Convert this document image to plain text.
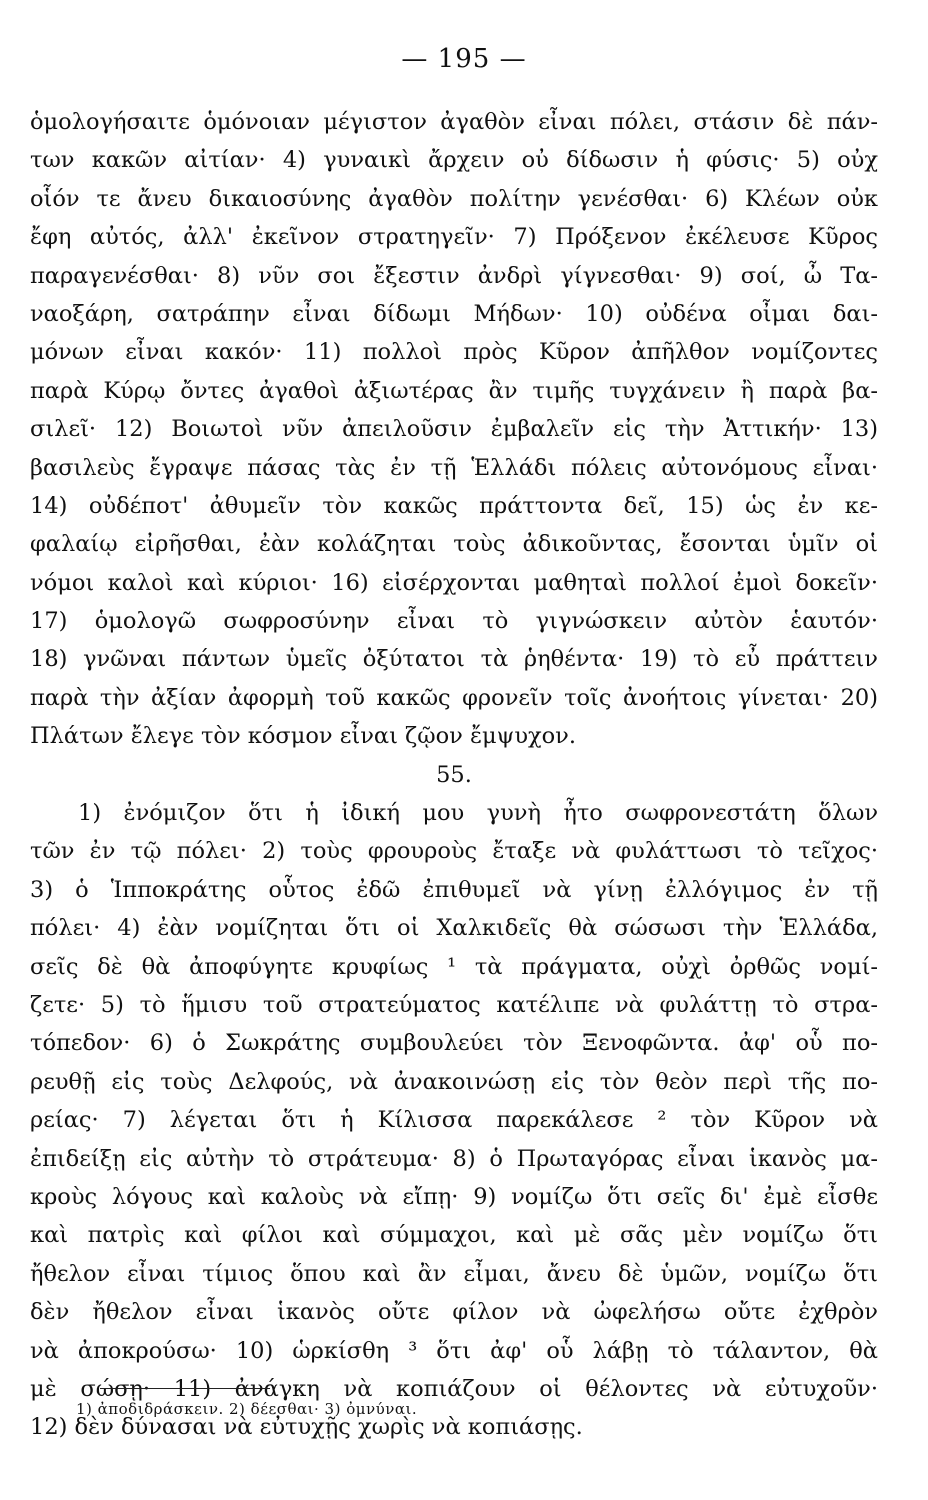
— 195 —
ὁμολογήσαιτε ὁμόνοιαν μέγιστον ἀγαθὸν εἶναι πόλει, στάσιν δὲ πάν-
των κακῶν αἰτίαν· 4) γυναικὶ ἄρχειν οὐ δίδωσιν ἡ φύσις· 5) οὐχ
οἷόν τε ἄνευ δικαιοσύνης ἀγαθὸν πολίτην γενέσθαι· 6) Κλέων οὐκ
ἔφη αὐτός, ἀλλ' ἐκεῖνον στρατηγεῖν· 7) Πρόξενον ἐκέλευσε Κῦρος
παραγενέσθαι· 8) νῦν σοι ἔξεστιν ἀνδρὶ γίγνεσθαι· 9) σοί, ὦ Τα-
ναοξάρη, σατράπην εἶναι δίδωμι Μήδων· 10) οὐδένα οἶμαι δαι-
μόνων εἶναι κακόν· 11) πολλοὶ πρὸς Κῦρον ἀπῆλθον νομίζοντες
παρὰ Κύρῳ ὄντες ἀγαθοὶ ἀξιωτέρας ἂν τιμῆς τυγχάνειν ἢ παρὰ βα-
σιλεῖ· 12) Βοιωτοὶ νῦν ἀπειλοῦσιν ἐμβαλεῖν εἰς τὴν Ἀττικήν· 13)
βασιλεὺς ἔγραψε πάσας τὰς ἐν τῇ Ἑλλάδι πόλεις αὐτονόμους εἶναι·
14) οὐδέποτ' ἀθυμεῖν τὸν κακῶς πράττοντα δεῖ, 15) ὡς ἐν κε-
φαλαίῳ εἰρῆσθαι, ἐὰν κολάζηται τοὺς ἀδικοῦντας, ἔσονται ὑμῖν οἱ
νόμοι καλοὶ καὶ κύριοι· 16) εἰσέρχονται μαθηταὶ πολλοί ἐμοὶ δοκεῖν·
17) ὁμολογῶ σωφροσύνην εἶναι τὸ γιγνώσκειν αὐτὸν ἑαυτόν·
18) γνῶναι πάντων ὑμεῖς ὀξύτατοι τὰ ῥηθέντα· 19) τὸ εὖ πράττειν
παρὰ τὴν ἀξίαν ἀφορμὴ τοῦ κακῶς φρονεῖν τοῖς ἀνοήτοις γίνεται· 20)
Πλάτων ἔλεγε τὸν κόσμον εἶναι ζῷον ἔμψυχον.
55.
1) ἐνόμιζον ὅτι ἡ ἰδική μου γυνὴ ἦτο σωφρονεστάτη ὅλων
τῶν ἐν τῷ πόλει· 2) τοὺς φρουροὺς ἔταξε νὰ φυλάττωσι τὸ τεῖχος·
3) ὁ Ἱπποκράτης οὗτος ἐδῶ ἐπιθυμεῖ νὰ γίνῃ ἐλλόγιμος ἐν τῇ
πόλει· 4) ἐὰν νομίζηται ὅτι οἱ Χαλκιδεῖς θὰ σώσωσι τὴν Ἑλλάδα,
σεῖς δὲ θὰ ἀποφύγητε κρυφίως ¹ τὰ πράγματα, οὐχὶ ὀρθῶς νομί-
ζετε· 5) τὸ ἥμισυ τοῦ στρατεύματος κατέλιπε νὰ φυλάττῃ τὸ στρα-
τόπεδον· 6) ὁ Σωκράτης συμβουλεύει τὸν Ξενοφῶντα. ἀφ' οὗ πο-
ρευθῇ εἰς τοὺς Δελφούς, νὰ ἀνακοινώσῃ εἰς τὸν θεὸν περὶ τῆς πο-
ρείας· 7) λέγεται ὅτι ἡ Κίλισσα παρεκάλεσε ² τὸν Κῦρον νὰ
ἐπιδείξῃ εἰς αὐτὴν τὸ στράτευμα· 8) ὁ Πρωταγόρας εἶναι ἱκανὸς μα-
κροὺς λόγους καὶ καλοὺς νὰ εἴπῃ· 9) νομίζω ὅτι σεῖς δι' ἐμὲ εἶσθε
καὶ πατρὶς καὶ φίλοι καὶ σύμμαχοι, καὶ μὲ σᾶς μὲν νομίζω ὅτι
ἤθελον εἶναι τίμιος ὅπου καὶ ἂν εἶμαι, ἄνευ δὲ ὑμῶν, νομίζω ὅτι
δὲν ἤθελον εἶναι ἱκανὸς οὔτε φίλον νὰ ὠφελήσω οὔτε ἐχθρὸν
νὰ ἀποκρούσω· 10) ὡρκίσθη ³ ὅτι ἀφ' οὗ λάβῃ τὸ τάλαντον, θὰ
μὲ σώσῃ· 11) ἀνάγκη νὰ κοπιάζουν οἱ θέλοντες νὰ εὐτυχοῦν·
12) δὲν δύνασαι νὰ εὐτυχῇς χωρὶς νὰ κοπιάσῃς.
1) ἀποδιδράσκειν. 2) δέεσθαι· 3) ὀμνύναι.
